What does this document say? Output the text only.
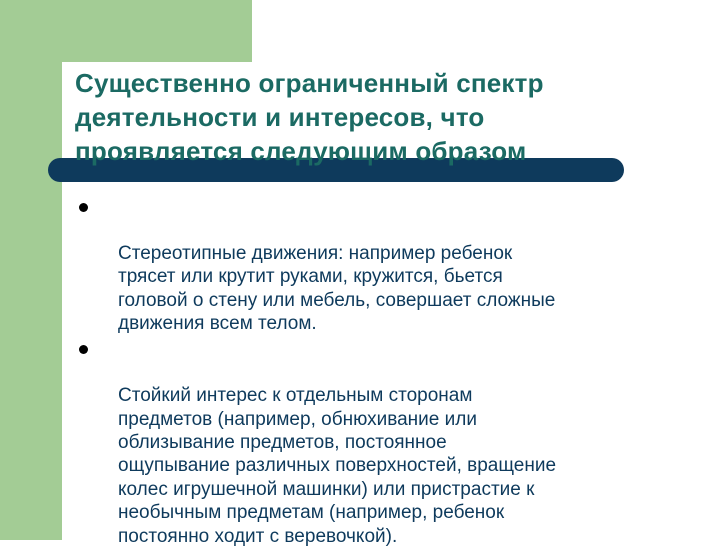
Существенно ограниченный спектр
деятельности и интересов, что
проявляется следующим образом

Стереотипные движения: например ребенок
трясет или крутит руками, кружится, бьется
головой о стену или мебель, совершает сложные
движения всем телом.

Стойкий интерес к отдельным сторонам
предметов (например, обнюхивание или
облизывание предметов, постоянное
ощупывание различных поверхностей, вращение
колес игрушечной машинки) или пристрастие к
необычным предметам (например, ребенок
постоянно ходит с веревочкой).
